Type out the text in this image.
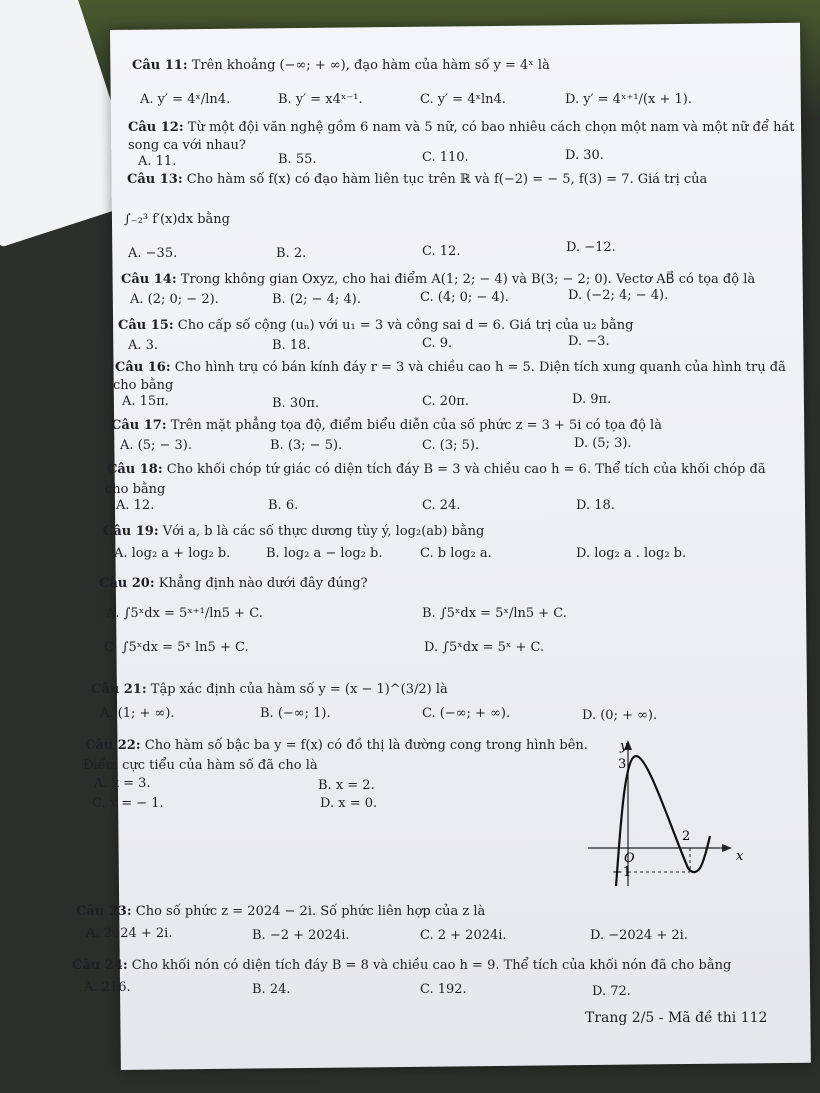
Câu 11: Trên khoảng (−∞; + ∞), đạo hàm của hàm số y = 4ˣ là
A. y′ = 4ˣ/ln4.	B. y′ = x4ˣ⁻¹.	C. y′ = 4ˣln4.	D. y′ = 4ˣ⁺¹/(x + 1).
Câu 12: Từ một đội văn nghệ gồm 6 nam và 5 nữ, có bao nhiêu cách chọn một nam và một nữ để hát
song ca với nhau?
A. 11.	B. 55.	C. 110.	D. 30.
Câu 13: Cho hàm số f(x) có đạo hàm liên tục trên ℝ và f(−2) = − 5, f(3) = 7. Giá trị của
∫₋₂³ f′(x)dx bằng
A. −35.	B. 2.	C. 12.	D. −12.
Câu 14: Trong không gian Oxyz, cho hai điểm A(1; 2; − 4) và B(3; − 2; 0). Vectơ AB⃗ có tọa độ là
A. (2; 0; − 2).	B. (2; − 4; 4).	C. (4; 0; − 4).	D. (−2; 4; − 4).
Câu 15: Cho cấp số cộng (uₙ) với u₁ = 3 và công sai d = 6. Giá trị của u₂ bằng
A. 3.	B. 18.	C. 9.	D. −3.
Câu 16: Cho hình trụ có bán kính đáy r = 3 và chiều cao h = 5. Diện tích xung quanh của hình trụ đã
cho bằng
A. 15π.	B. 30π.	C. 20π.	D. 9π.
Câu 17: Trên mặt phẳng tọa độ, điểm biểu diễn của số phức z = 3 + 5i có tọa độ là
A. (5; − 3).	B. (3; − 5).	C. (3; 5).	D. (5; 3).
Câu 18: Cho khối chóp tứ giác có diện tích đáy B = 3 và chiều cao h = 6. Thể tích của khối chóp đã
cho bằng
A. 12.	B. 6.	C. 24.	D. 18.
Câu 19: Với a, b là các số thực dương tùy ý, log₂(ab) bằng
A. log₂ a + log₂ b.	B. log₂ a − log₂ b.	C. b log₂ a.	D. log₂ a . log₂ b.
Câu 20: Khẳng định nào dưới đây đúng?
A. ∫5ˣdx = 5ˣ⁺¹/ln5 + C.	B. ∫5ˣdx = 5ˣ/ln5 + C.
C. ∫5ˣdx = 5ˣ ln5 + C.	D. ∫5ˣdx = 5ˣ + C.
Câu 21: Tập xác định của hàm số y = (x − 1)^(3/2) là
A. (1; + ∞).	B. (−∞; 1).	C. (−∞; + ∞).	D. (0; + ∞).
Câu 22: Cho hàm số bậc ba y = f(x) có đồ thị là đường cong trong hình bên.
Điểm cực tiểu của hàm số đã cho là
A. x = 3.	B. x = 2.
C. x = − 1.	D. x = 0.
y
x
3
O
2
−1
Câu 23: Cho số phức z = 2024 − 2i. Số phức liên hợp của z là
A. 2024 + 2i.	B. −2 + 2024i.	C. 2 + 2024i.	D. −2024 + 2i.
Câu 24: Cho khối nón có diện tích đáy B = 8 và chiều cao h = 9. Thể tích của khối nón đã cho bằng
A. 216.	B. 24.	C. 192.	D. 72.
Trang 2/5 - Mã đề thi 112
